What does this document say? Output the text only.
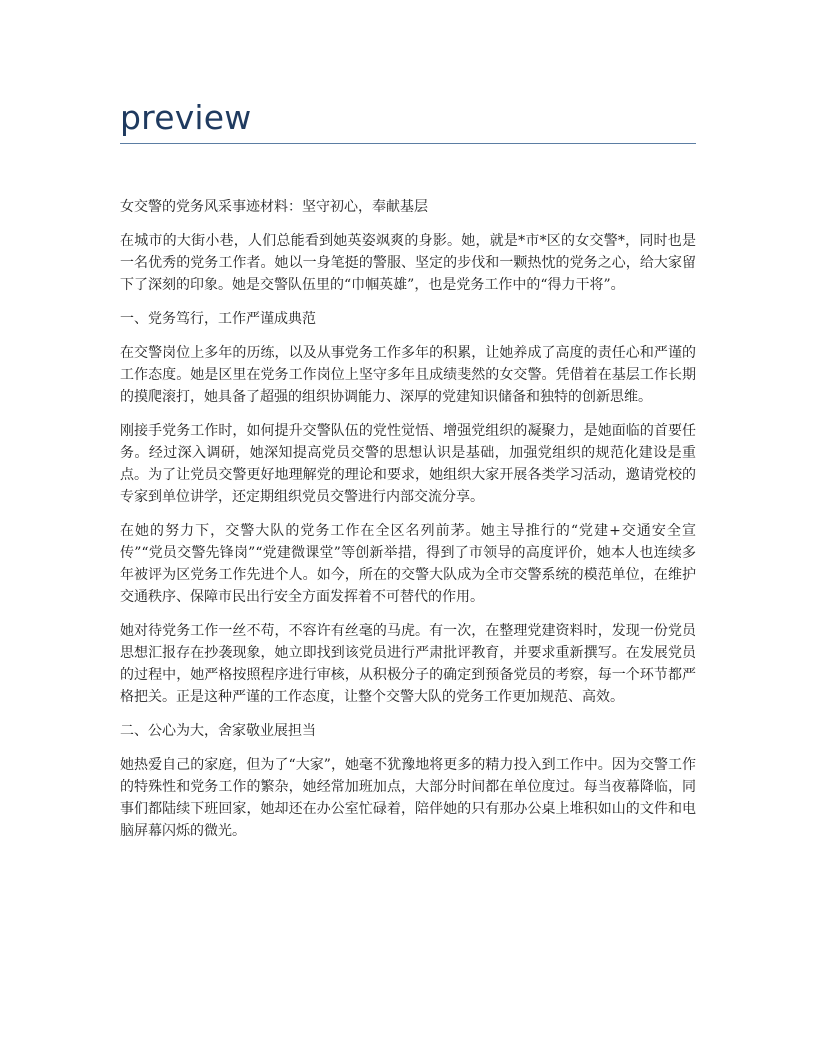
preview

女交警的党务风采事迹材料：坚守初心，奉献基层

在城市的大街小巷，人们总能看到她英姿飒爽的身影。她，就是*市*区的女交警*，同时也是一名优秀的党务工作者。她以一身笔挺的警服、坚定的步伐和一颗热忱的党务之心，给大家留下了深刻的印象。她是交警队伍里的“巾帼英雄”，也是党务工作中的“得力干将”。

一、党务笃行，工作严谨成典范

在交警岗位上多年的历练，以及从事党务工作多年的积累，让她养成了高度的责任心和严谨的工作态度。她是区里在党务工作岗位上坚守多年且成绩斐然的女交警。凭借着在基层工作长期的摸爬滚打，她具备了超强的组织协调能力、深厚的党建知识储备和独特的创新思维。

刚接手党务工作时，如何提升交警队伍的党性觉悟、增强党组织的凝聚力，是她面临的首要任务。经过深入调研，她深知提高党员交警的思想认识是基础，加强党组织的规范化建设是重点。为了让党员交警更好地理解党的理论和要求，她组织大家开展各类学习活动，邀请党校的专家到单位讲学，还定期组织党员交警进行内部交流分享。

在她的努力下，交警大队的党务工作在全区名列前茅。她主导推行的“党建+交通安全宣传”“党员交警先锋岗”“党建微课堂”等创新举措，得到了市领导的高度评价，她本人也连续多年被评为区党务工作先进个人。如今，所在的交警大队成为全市交警系统的模范单位，在维护交通秩序、保障市民出行安全方面发挥着不可替代的作用。

她对待党务工作一丝不苟，不容许有丝毫的马虎。有一次，在整理党建资料时，发现一份党员思想汇报存在抄袭现象，她立即找到该党员进行严肃批评教育，并要求重新撰写。在发展党员的过程中，她严格按照程序进行审核，从积极分子的确定到预备党员的考察，每一个环节都严格把关。正是这种严谨的工作态度，让整个交警大队的党务工作更加规范、高效。

二、公心为大，舍家敬业展担当

她热爱自己的家庭，但为了“大家”，她毫不犹豫地将更多的精力投入到工作中。因为交警工作的特殊性和党务工作的繁杂，她经常加班加点，大部分时间都在单位度过。每当夜幕降临，同事们都陆续下班回家，她却还在办公室忙碌着，陪伴她的只有那办公桌上堆积如山的文件和电脑屏幕闪烁的微光。
